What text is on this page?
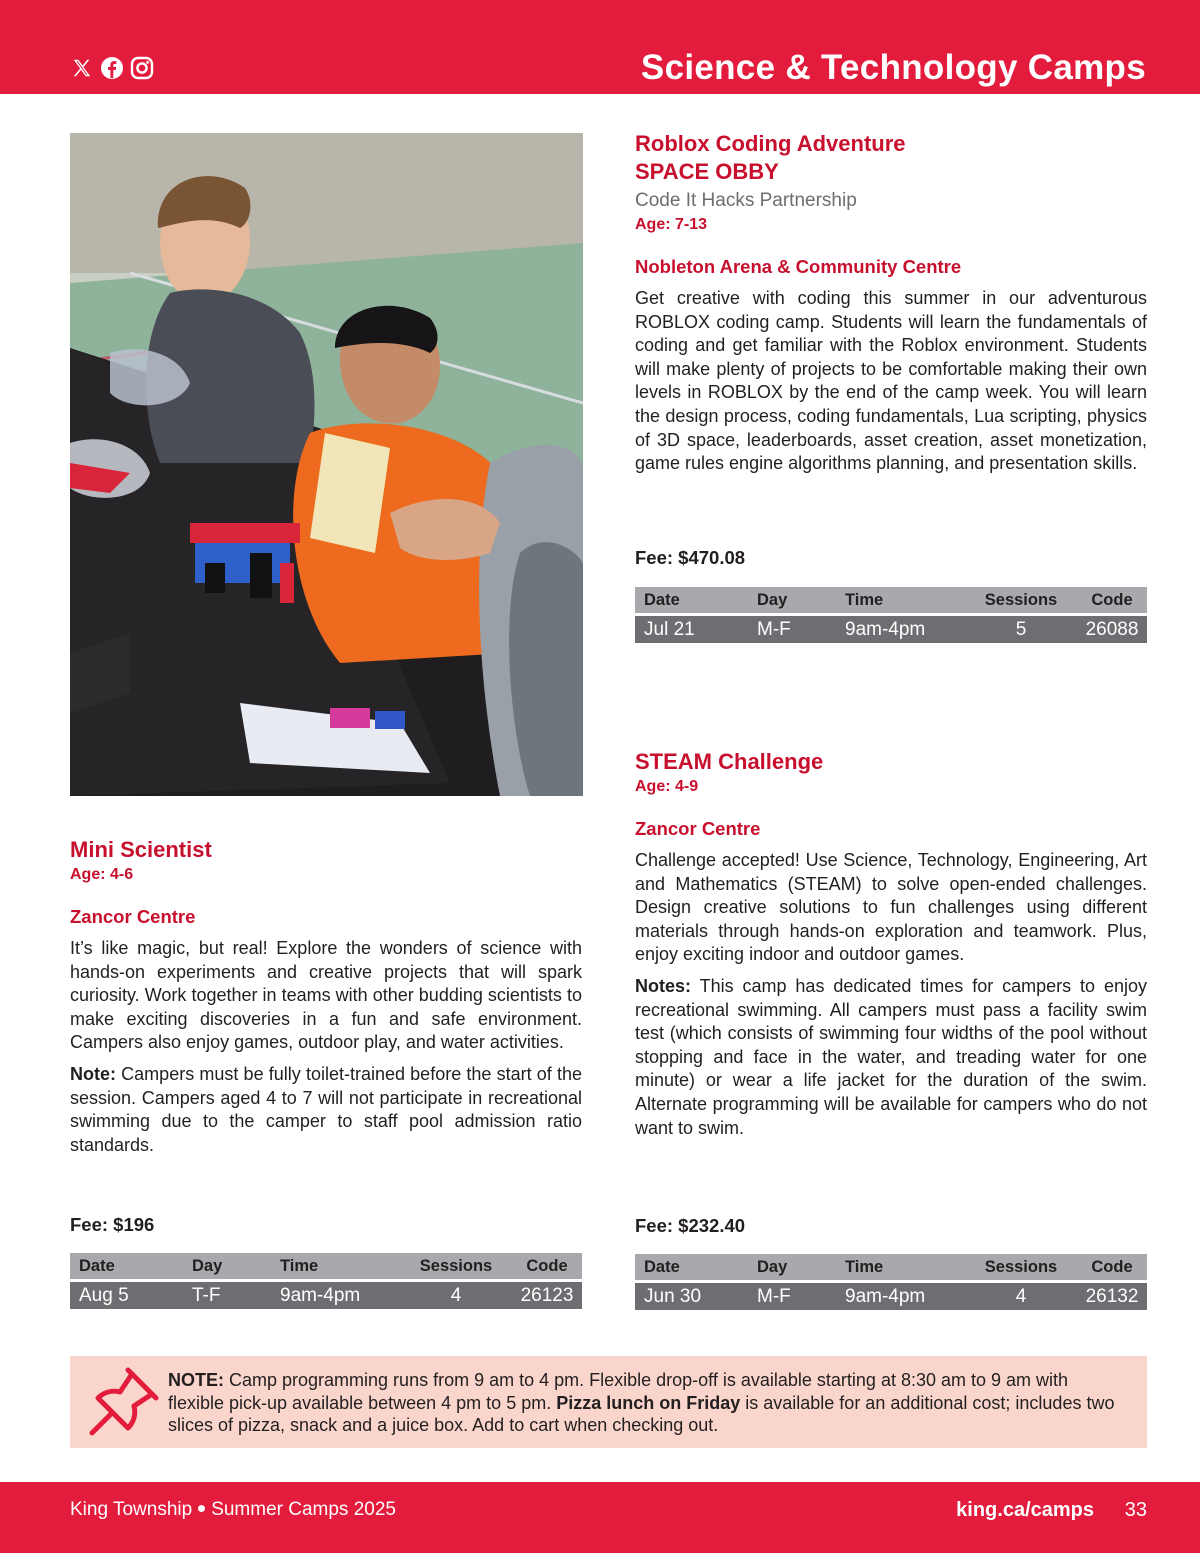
Science & Technology Camps
Roblox Coding Adventure
SPACE OBBY
Code It Hacks Partnership
Age: 7-13
Nobleton Arena & Community Centre
Get creative with coding this summer in our adventurous ROBLOX coding camp. Students will learn the fundamentals of coding and get familiar with the Roblox environment. Students will make plenty of projects to be comfortable making their own levels in ROBLOX by the end of the camp week. You will learn the design process, coding fundamentals, Lua scripting, physics of 3D space, leaderboards, asset creation, asset monetization, game rules engine algorithms planning, and presentation skills.
Fee: $470.08
Date	Day	Time	Sessions	Code
Jul 21	M-F	9am-4pm	5	26088
STEAM Challenge
Age: 4-9
Zancor Centre
Challenge accepted! Use Science, Technology, Engineering, Art and Mathematics (STEAM) to solve open-ended challenges. Design creative solutions to fun challenges using different materials through hands-on exploration and teamwork. Plus, enjoy exciting indoor and outdoor games.
Notes: This camp has dedicated times for campers to enjoy recreational swimming. All campers must pass a facility swim test (which consists of swimming four widths of the pool without stopping and face in the water, and treading water for one minute) or wear a life jacket for the duration of the swim. Alternate programming will be available for campers who do not want to swim.
Fee: $232.40
Date	Day	Time	Sessions	Code
Jun 30	M-F	9am-4pm	4	26132
Mini Scientist
Age: 4-6
Zancor Centre
It’s like magic, but real! Explore the wonders of science with hands-on experiments and creative projects that will spark curiosity. Work together in teams with other budding scientists to make exciting discoveries in a fun and safe environment. Campers also enjoy games, outdoor play, and water activities.
Note: Campers must be fully toilet-trained before the start of the session. Campers aged 4 to 7 will not participate in recreational swimming due to the camper to staff pool admission ratio standards.
Fee: $196
Date	Day	Time	Sessions	Code
Aug 5	T-F	9am-4pm	4	26123
NOTE: Camp programming runs from 9 am to 4 pm. Flexible drop-off is available starting at 8:30 am to 9 am with flexible pick-up available between 4 pm to 5 pm. Pizza lunch on Friday is available for an additional cost; includes two slices of pizza, snack and a juice box. Add to cart when checking out.
King Township Summer Camps 2025	king.ca/camps 33
